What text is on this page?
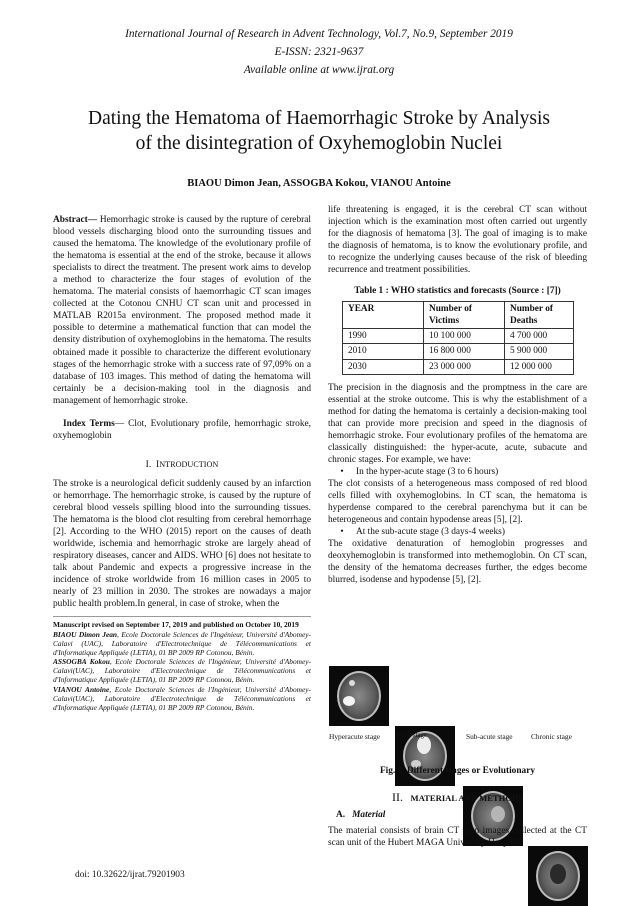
International Journal of Research in Advent Technology, Vol.7, No.9, September 2019
E-ISSN: 2321-9637
Available online at www.ijrat.org
Dating the Hematoma of Haemorrhagic Stroke by Analysis
of the disintegration of Oxyhemoglobin Nuclei
BIAOU Dimon Jean, ASSOGBA Kokou, VIANOU Antoine

Abstract— Hemorrhagic stroke is caused by the rupture of cerebral blood vessels discharging blood onto the surrounding tissues and caused the hematoma. The knowledge of the evolutionary profile of the hematoma is essential at the end of the stroke, because it allows specialists to direct the treatment. The present work aims to develop a method to characterize the four stages of evolution of the hematoma. The material consists of haemorrhagic CT scan images collected at the Cotonou CNHU CT scan unit and processed in MATLAB R2015a environment. The proposed method made it possible to determine a mathematical function that can model the density distribution of oxyhemoglobins in the hematoma. The results obtained made it possible to characterize the different evolutionary stages of the hemorrhagic stroke with a success rate of 97,09% on a database of 103 images. This method of dating the hematoma will certainly be a decision-making tool in the diagnosis and management of hemorrhagic stroke.

Index Terms— Clot, Evolutionary profile, hemorrhagic stroke, oxyhemoglobin

I. INTRODUCTION

The stroke is a neurological deficit suddenly caused by an infarction or hemorrhage. The hemorrhagic stroke, is caused by the rupture of cerebral blood vessels spilling blood into the surrounding tissues. The hematoma is the blood clot resulting from cerebral hemorrhage [2]. According to the WHO (2015) report on the causes of death worldwide, ischemia and hemorrhagic stroke are largely ahead of respiratory diseases, cancer and AIDS. WHO [6] does not hesitate to talk about Pandemic and expects a progressive increase in the incidence of stroke worldwide from 16 million cases in 2005 to nearly of 23 million in 2030. The strokes are nowadays a major public health problem.In general, in case of stroke, when the

Manuscript revised on September 17, 2019 and published on October 10, 2019
BIAOU Dimon Jean, Ecole Doctorale Sciences de l'Ingénieur, Université d'Abomey-Calavi (UAC), Laboratoire d'Electrotechnique de Télécommunications et d'Informatique Appliquée (LETIA), 01 BP 2009 RP Cotonou, Bénin.
ASSOGBA Kokou, Ecole Doctorale Sciences de l'Ingénieur, Université d'Abomey-Calavi(UAC), Laboratoire d'Electrotechnique de Télécommunications et d'Informatique Appliquée (LETIA), 01 BP 2009 RP Cotonou, Bénin.
VIANOU Antoine, Ecole Doctorale Sciences de l'Ingénieur, Université d'Abomey-Calavi(UAC), Laboratoire d'Electrotechnique de Télécommunications et d'Informatique Appliquée (LETIA), 01 BP 2009 RP Cotonou, Bénin.

life threatening is engaged, it is the cerebral CT scan without injection which is the examination most often carried out urgently for the diagnosis of hematoma [3]. The goal of imaging is to make the diagnosis of hematoma, is to know the evolutionary profile, and to recognize the underlying causes because of the risk of bleeding recurrence and treatment possibilities.

Table 1 : WHO statistics and forecasts (Source : [7])
YEAR	Number of Victims	Number of Deaths
1990	10 100 000	4 700 000
2010	16 800 000	5 900 000
2030	23 000 000	12 000 000

The precision in the diagnosis and the promptness in the care are essential at the stroke outcome. This is why the establishment of a method for dating the hematoma is certainly a decision-making tool that can provide more precision and speed in the diagnosis of hemorrhagic stroke. Four evolutionary profiles of the hematoma are classically distinguished: the hyper-acute, acute, subacute and chronic stages. For example, we have:

•	In the hyper-acute stage (3 to 6 hours)

The clot consists of a heterogeneous mass composed of red blood cells filled with oxyhemoglobins. In CT scan, the hematoma is hyperdense compared to the cerebral parenchyma but it can be heterogeneous and contain hypodense areas [5], [2].

•	At the sub-acute stage (3 days-4 weeks)

The oxidative denaturation of hemoglobin progresses and deoxyhemoglobin is transformed into methemoglobin. On CT scan, the density of the hematoma decreases further, the edges become blurred, isodense and hypodense [5], [2].

Hyperacute stage Acute stage	Sub-acute stage Chronic stage
Fig. 1. Different stages or Evolutionary
II. MATERIAL AND METHODS
A. Material
The material consists of brain CT scan images collected at the CT scan unit of the Hubert MAGA University Hospital
6
doi: 10.32622/ijrat.79201903
